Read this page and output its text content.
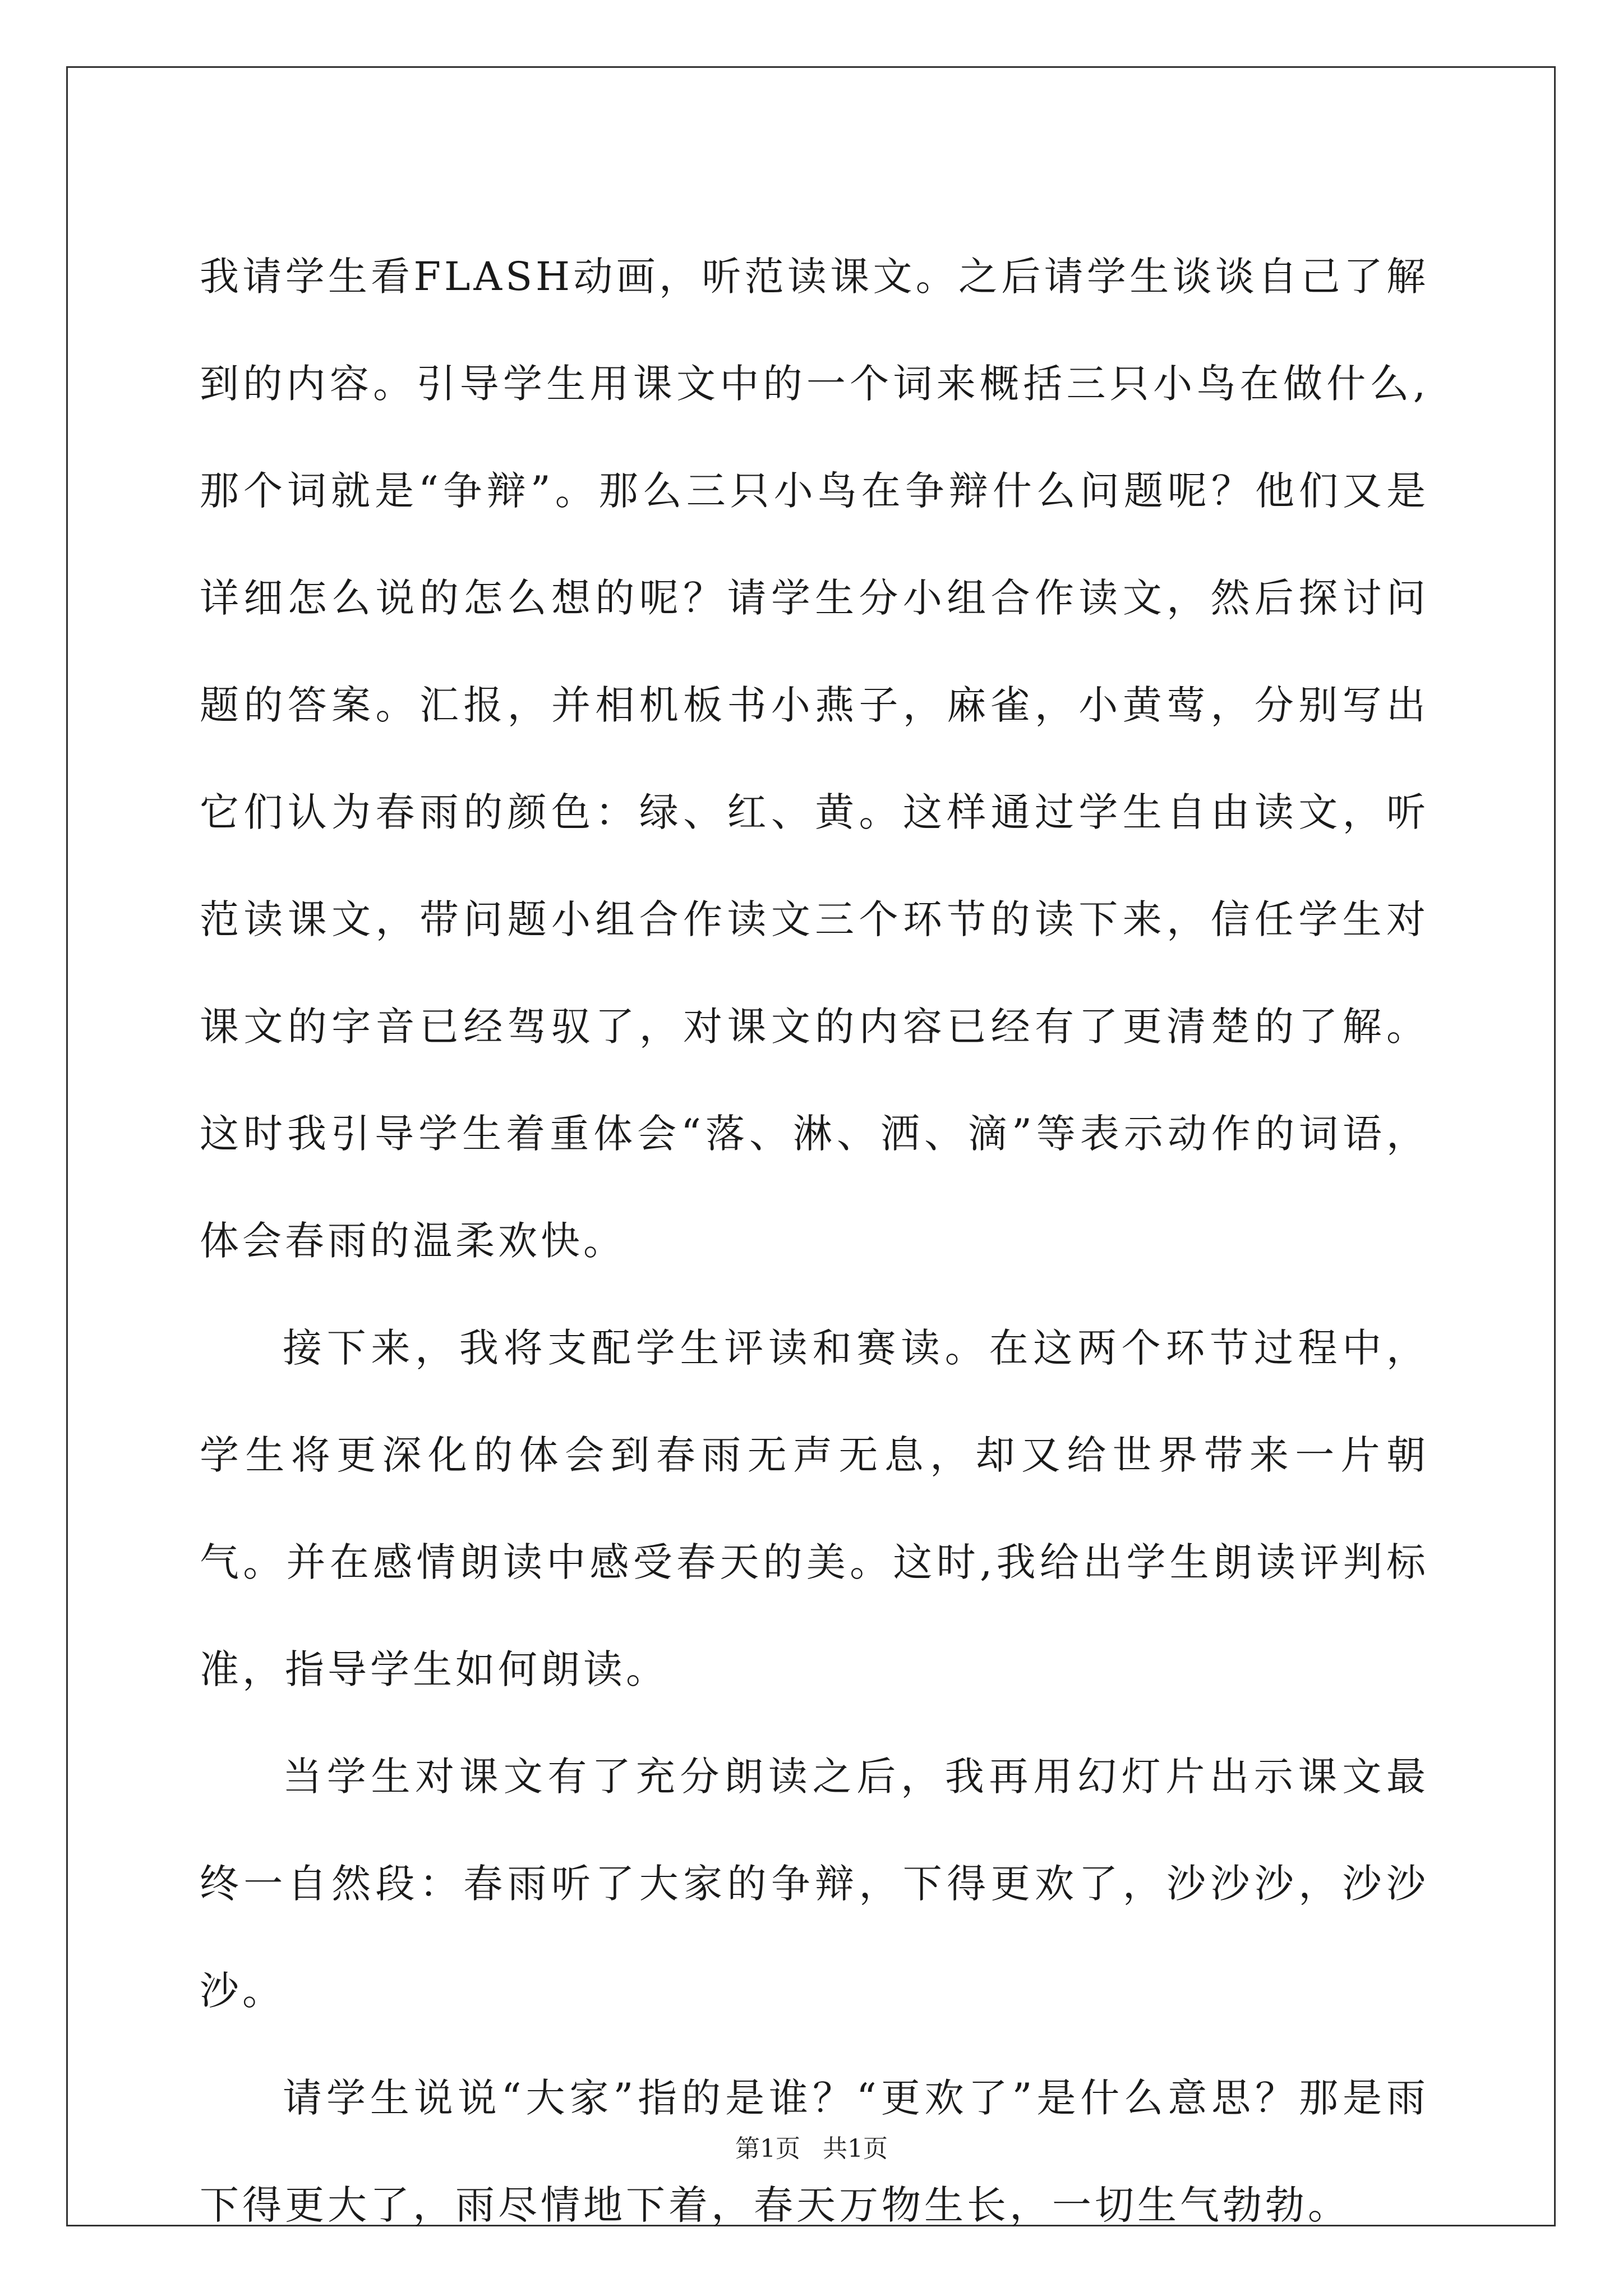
我请学生看FLASH动画，听范读课文。之后请学生谈谈自己了解到的内容。引导学生用课文中的一个词来概括三只小鸟在做什么,那个词就是“争辩”。那么三只小鸟在争辩什么问题呢？他们又是详细怎么说的怎么想的呢？请学生分小组合作读文，然后探讨问题的答案。汇报，并相机板书小燕子，麻雀，小黄莺，分别写出它们认为春雨的颜色：绿、红、黄。这样通过学生自由读文，听范读课文，带问题小组合作读文三个环节的读下来，信任学生对课文的字音已经驾驭了，对课文的内容已经有了更清楚的了解。这时我引导学生着重体会“落、淋、洒、滴”等表示动作的词语，体会春雨的温柔欢快。

接下来，我将支配学生评读和赛读。在这两个环节过程中，学生将更深化的体会到春雨无声无息，却又给世界带来一片朝气。并在感情朗读中感受春天的美。这时,我给出学生朗读评判标准，指导学生如何朗读。

当学生对课文有了充分朗读之后，我再用幻灯片出示课文最终一自然段：春雨听了大家的争辩，下得更欢了，沙沙沙，沙沙沙。

请学生说说“大家”指的是谁？“更欢了”是什么意思？那是雨下得更大了，雨尽情地下着，春天万物生长，一切生气勃勃。

第1页 共1页
